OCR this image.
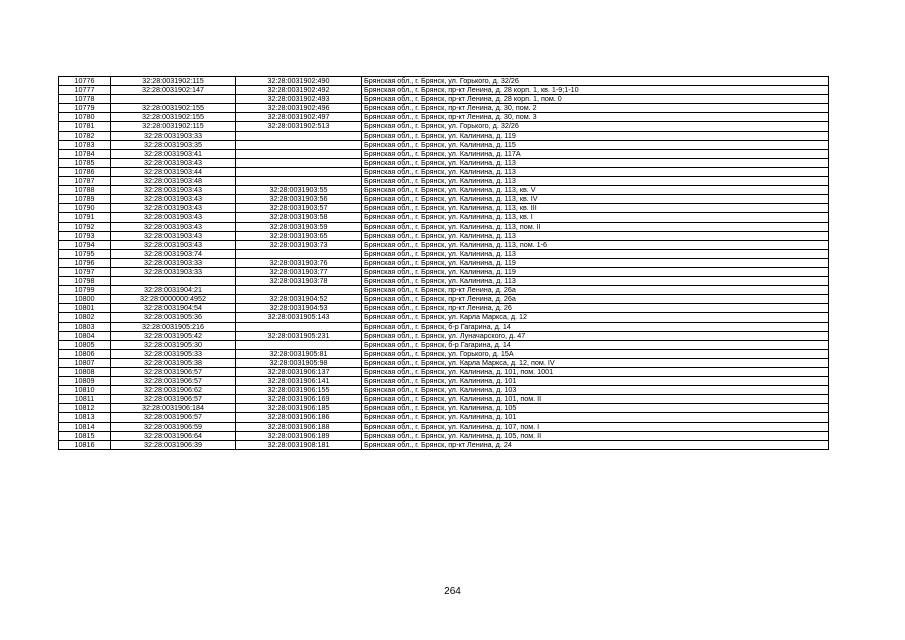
10776	32:28:0031902:115	32:28:0031902:490	Брянская обл., г. Брянск, ул. Горького, д. 32/26
10777	32:28:0031902:147	32:28:0031902:492	Брянская обл., г. Брянск, пр-кт Ленина, д. 28 корп. 1, кв. 1-9;1-10
10778		32:28:0031902:493	Брянская обл., г. Брянск, пр-кт Ленина, д. 28 корп. 1, пом. 0
10779	32:28:0031902:155	32:28:0031902:496	Брянская обл., г. Брянск, пр-кт Ленина, д. 30, пом. 2
10780	32:28:0031902:155	32:28:0031902:497	Брянская обл., г. Брянск, пр-кт Ленина, д. 30, пом. 3
10781	32:28:0031902:115	32:28:0031902:513	Брянская обл., г. Брянск, ул. Горького, д. 32/26
10782	32:28:0031903:33		Брянская обл., г. Брянск, ул. Калинина, д. 119
10783	32:28:0031903:35		Брянская обл., г. Брянск, ул. Калинина, д. 115
10784	32:28:0031903:41		Брянская обл., г. Брянск, ул. Калинина, д. 117А
10785	32:28:0031903:43		Брянская обл., г. Брянск, ул. Калинина, д. 113
10786	32:28:0031903:44		Брянская обл., г. Брянск, ул. Калинина, д. 113
10787	32:28:0031903:48		Брянская обл., г. Брянск, ул. Калинина, д. 113
10788	32:28:0031903:43	32:28:0031903:55	Брянская обл., г. Брянск, ул. Калинина, д. 113, кв. V
10789	32:28:0031903:43	32:28:0031903:56	Брянская обл., г. Брянск, ул. Калинина, д. 113, кв. IV
10790	32:28:0031903:43	32:28:0031903:57	Брянская обл., г. Брянск, ул. Калинина, д. 113, кв. III
10791	32:28:0031903:43	32:28:0031903:58	Брянская обл., г. Брянск, ул. Калинина, д. 113, кв. I
10792	32:28:0031903:43	32:28:0031903:59	Брянская обл., г. Брянск, ул. Калинина, д. 113, пом. II
10793	32:28:0031903:43	32:28:0031903:65	Брянская обл., г. Брянск, ул. Калинина, д. 113
10794	32:28:0031903:43	32:28:0031903:73	Брянская обл., г. Брянск, ул. Калинина, д. 113, пом. 1-6
10795	32:28:0031903:74		Брянская обл., г. Брянск, ул. Калинина, д. 113
10796	32:28:0031903:33	32:28:0031903:76	Брянская обл., г. Брянск, ул. Калинина, д. 119
10797	32:28:0031903:33	32:28:0031903:77	Брянская обл., г. Брянск, ул. Калинина, д. 119
10798		32:28:0031903:78	Брянская обл., г. Брянск, ул. Калинина, д. 113
10799	32:28:0031904:21		Брянская обл., г. Брянск, пр-кт Ленина, д. 26а
10800	32:28:0000000:4952	32:28:0031904:52	Брянская обл., г. Брянск, пр-кт Ленина, д. 26а
10801	32:28:0031904:54	32:28:0031904:53	Брянская обл., г. Брянск, пр-кт Ленина, д. 26
10802	32:28:0031905:36	32:28:0031905:143	Брянская обл., г. Брянск, ул. Карла Маркса, д. 12
10803	32:28:0031905:216		Брянская обл., г. Брянск, б-р Гагарина, д. 14
10804	32:28:0031905:42	32:28:0031905:231	Брянская обл., г. Брянск, ул. Луначарского, д. 47
10805	32:28:0031905:30		Брянская обл., г. Брянск, б-р Гагарина, д. 14
10806	32:28:0031905:33	32:28:0031905:81	Брянская обл., г. Брянск, ул. Горького, д. 15А
10807	32:28:0031905:38	32:28:0031905:98	Брянская обл., г. Брянск, ул. Карла Маркса, д. 12, пом. IV
10808	32:28:0031906:57	32:28:0031906:137	Брянская обл., г. Брянск, ул. Калинина, д. 101, пом. 1001
10809	32:28:0031906:57	32:28:0031906:141	Брянская обл., г. Брянск, ул. Калинина, д. 101
10810	32:28:0031906:62	32:28:0031906:155	Брянская обл., г. Брянск, ул. Калинина, д. 103
10811	32:28:0031906:57	32:28:0031906:169	Брянская обл., г. Брянск, ул. Калинина, д. 101, пом. II
10812	32:28:0031906:184	32:28:0031906:185	Брянская обл., г. Брянск, ул. Калинина, д. 105
10813	32:28:0031906:57	32:28:0031906:186	Брянская обл., г. Брянск, ул. Калинина, д. 101
10814	32:28:0031906:59	32:28:0031906:188	Брянская обл., г. Брянск, ул. Калинина, д. 107, пом. I
10815	32:28:0031906:64	32:28:0031906:189	Брянская обл., г. Брянск, ул. Калинина, д. 105, пом. II
10816	32:28:0031906:39	32:28:0031908:181	Брянская обл., г. Брянск, пр-кт Ленина, д. 24
264
